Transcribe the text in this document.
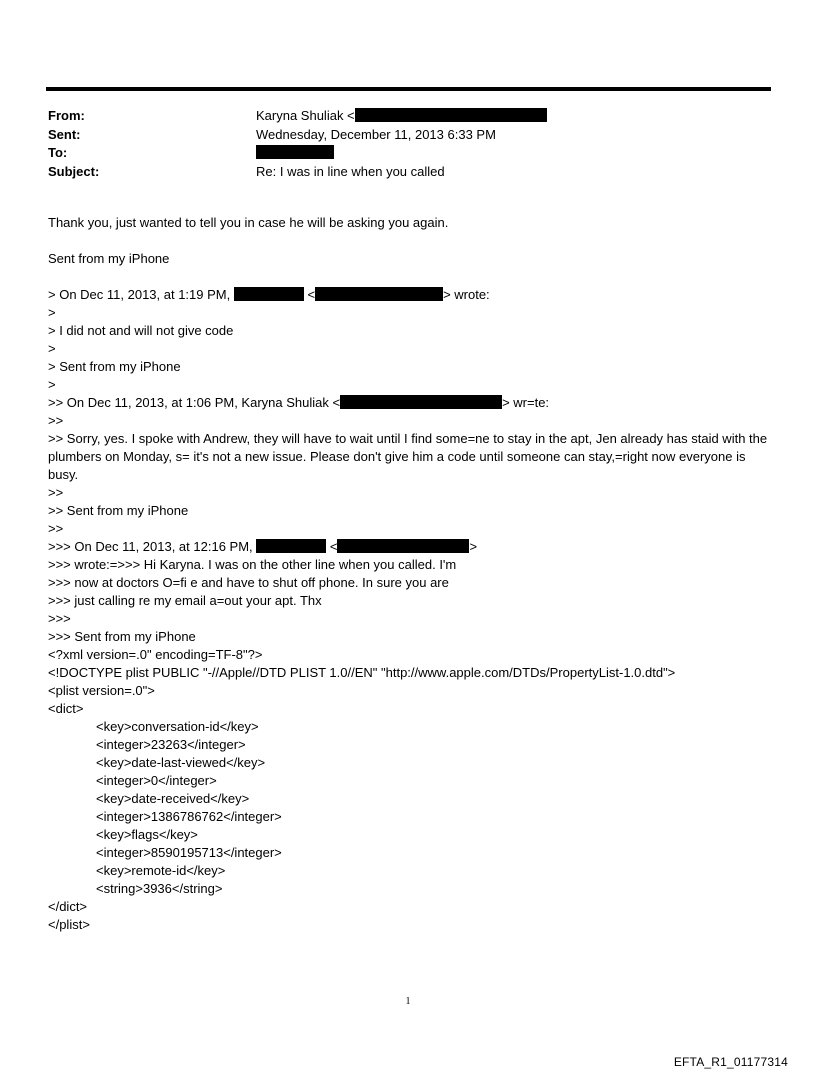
From:	Karyna Shuliak <
Sent:	Wednesday, December 11, 2013 6:33 PM
To:
Subject:	Re: I was in line when you called
Thank you, just wanted to tell you in case he will be asking you again.
Sent from my iPhone
> On Dec 11, 2013, at 1:19 PM,	<	> wrote:
>
> I did not and will not give code
>
> Sent from my iPhone
>
>> On Dec 11, 2013, at 1:06 PM, Karyna Shuliak <	> wr=te:
>>
>> Sorry, yes. I spoke with Andrew, they will have to wait until I find some=ne to stay in the apt, Jen already has staid with the plumbers on Monday, s= it's not a new issue. Please don't give him a code until someone can stay,=right now everyone is busy.
>>
>> Sent from my iPhone
>>
>>> On Dec 11, 2013, at 12:16 PM,	<	>
>>> wrote:=>>> Hi Karyna. I was on the other line when you called. I'm
>>> now at doctors O=fi e and have to shut off phone. In sure you are
>>> just calling re my email a=out your apt. Thx
>>>
>>> Sent from my iPhone
<?xml version=.0" encoding=TF-8"?>
<!DOCTYPE plist PUBLIC "-//Apple//DTD PLIST 1.0//EN" "http://www.apple.com/DTDs/PropertyList-1.0.dtd">
<plist version=.0">
<dict>
<key>conversation-id</key>
<integer>23263</integer>
<key>date-last-viewed</key>
<integer>0</integer>
<key>date-received</key>
<integer>1386786762</integer>
<key>flags</key>
<integer>8590195713</integer>
<key>remote-id</key>
<string>3936</string>
</dict>
</plist>
1
EFTA_R1_01177314
